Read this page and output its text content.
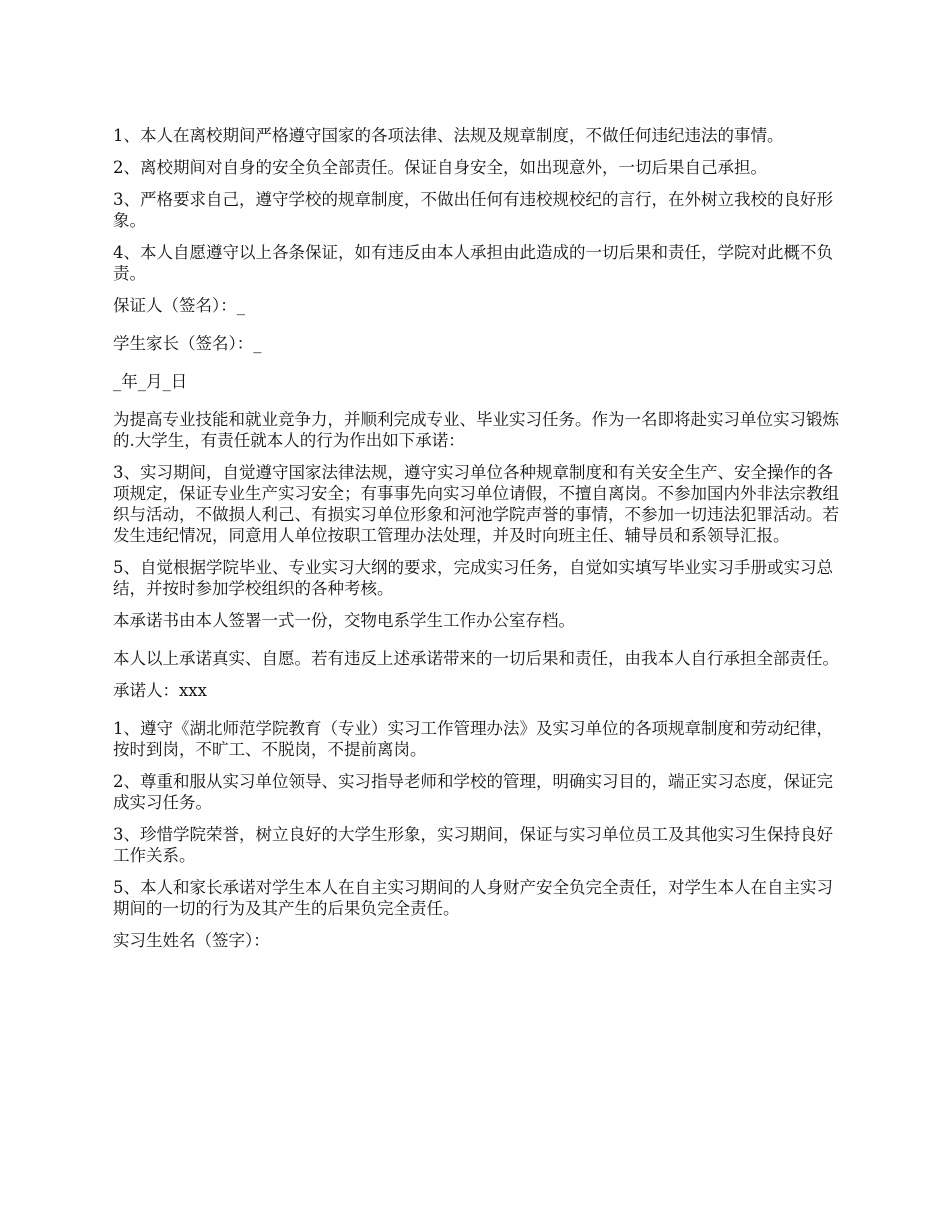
1、本人在离校期间严格遵守国家的各项法律、法规及规章制度，不做任何违纪违法的事情。

2、离校期间对自身的安全负全部责任。保证自身安全，如出现意外，一切后果自己承担。

3、严格要求自己，遵守学校的规章制度，不做出任何有违校规校纪的言行，在外树立我校的良好形象。

4、本人自愿遵守以上各条保证，如有违反由本人承担由此造成的一切后果和责任，学院对此概不负责。

保证人（签名）：_

学生家长（签名）：_

_年_月_日

为提高专业技能和就业竞争力，并顺利完成专业、毕业实习任务。作为一名即将赴实习单位实习锻炼的.大学生，有责任就本人的行为作出如下承诺：

3、实习期间，自觉遵守国家法律法规，遵守实习单位各种规章制度和有关安全生产、安全操作的各项规定，保证专业生产实习安全；有事事先向实习单位请假，不擅自离岗。不参加国内外非法宗教组织与活动，不做损人利己、有损实习单位形象和河池学院声誉的事情，不参加一切违法犯罪活动。若发生违纪情况，同意用人单位按职工管理办法处理，并及时向班主任、辅导员和系领导汇报。

5、自觉根据学院毕业、专业实习大纲的要求，完成实习任务，自觉如实填写毕业实习手册或实习总结，并按时参加学校组织的各种考核。

本承诺书由本人签署一式一份，交物电系学生工作办公室存档。

本人以上承诺真实、自愿。若有违反上述承诺带来的一切后果和责任，由我本人自行承担全部责任。

承诺人：xxx

1、遵守《湖北师范学院教育（专业）实习工作管理办法》及实习单位的各项规章制度和劳动纪律，按时到岗，不旷工、不脱岗，不提前离岗。

2、尊重和服从实习单位领导、实习指导老师和学校的管理，明确实习目的，端正实习态度，保证完成实习任务。

3、珍惜学院荣誉，树立良好的大学生形象，实习期间，保证与实习单位员工及其他实习生保持良好工作关系。

5、本人和家长承诺对学生本人在自主实习期间的人身财产安全负完全责任，对学生本人在自主实习期间的一切的行为及其产生的后果负完全责任。

实习生姓名（签字）：
